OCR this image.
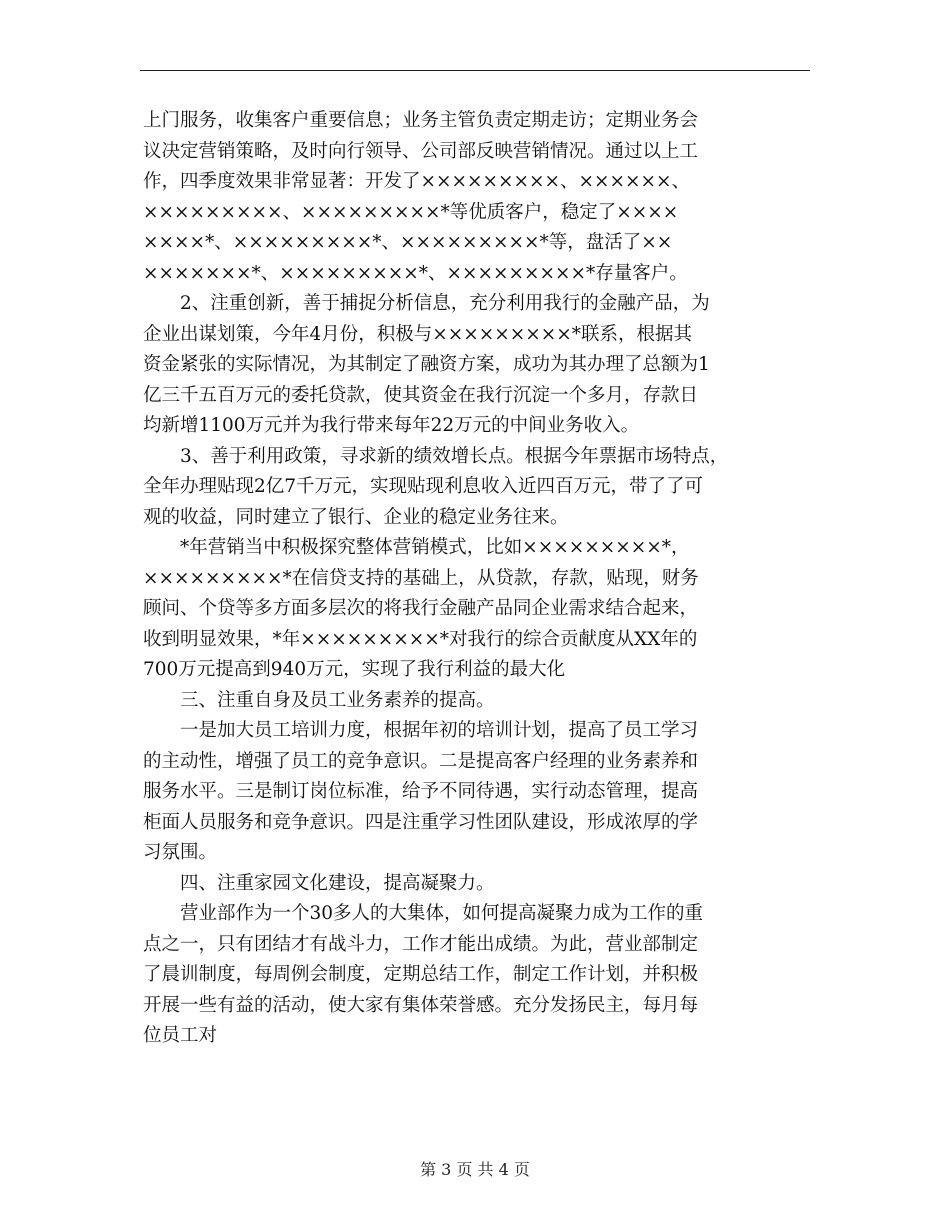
上门服务，收集客户重要信息；业务主管负责定期走访；定期业务会
议决定营销策略，及时向行领导、公司部反映营销情况。通过以上工
作，四季度效果非常显著：开发了×××××××××、××××××、
×××××××××、×××××××××*等优质客户，稳定了××××
××××*、×××××××××*、×××××××××*等，盘活了××
×××××××*、×××××××××*、×××××××××*存量客户。
　　2、注重创新，善于捕捉分析信息，充分利用我行的金融产品，为
企业出谋划策，今年4月份，积极与×××××××××*联系，根据其
资金紧张的实际情况，为其制定了融资方案，成功为其办理了总额为1
亿三千五百万元的委托贷款，使其资金在我行沉淀一个多月，存款日
均新增1100万元并为我行带来每年22万元的中间业务收入。
　　3、善于利用政策，寻求新的绩效增长点。根据今年票据市场特点，
全年办理贴现2亿7千万元，实现贴现利息收入近四百万元，带了了可
观的收益，同时建立了银行、企业的稳定业务往来。
　　*年营销当中积极探究整体营销模式，比如×××××××××*，
×××××××××*在信贷支持的基础上，从贷款，存款，贴现，财务
顾问、个贷等多方面多层次的将我行金融产品同企业需求结合起来，
收到明显效果，*年×××××××××*对我行的综合贡献度从XX年的
700万元提高到940万元，实现了我行利益的最大化
　　三、注重自身及员工业务素养的提高。
　　一是加大员工培训力度，根据年初的培训计划，提高了员工学习
的主动性，增强了员工的竞争意识。二是提高客户经理的业务素养和
服务水平。三是制订岗位标准，给予不同待遇，实行动态管理，提高
柜面人员服务和竞争意识。四是注重学习性团队建设，形成浓厚的学
习氛围。
　　四、注重家园文化建设，提高凝聚力。
　　营业部作为一个30多人的大集体，如何提高凝聚力成为工作的重
点之一，只有团结才有战斗力，工作才能出成绩。为此，营业部制定
了晨训制度，每周例会制度，定期总结工作，制定工作计划，并积极
开展一些有益的活动，使大家有集体荣誉感。充分发扬民主，每月每
位员工对
第 3 页 共 4 页
